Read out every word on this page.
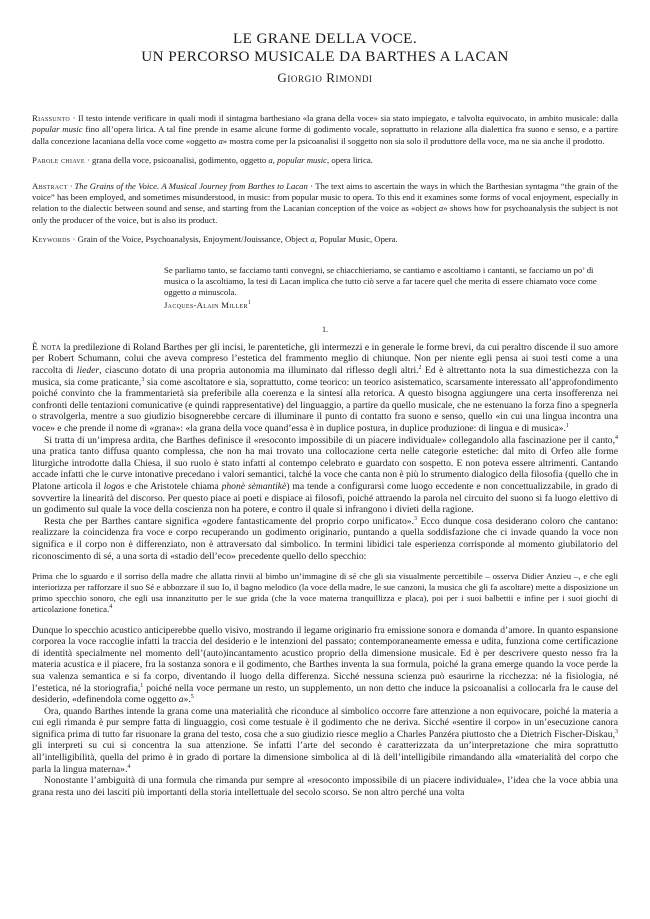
LE GRANE DELLA VOCE.
UN PERCORSO MUSICALE DA BARTHES A LACAN
Giorgio Rimondi

Riassunto · Il testo intende verificare in quali modi il sintagma barthesiano «la grana della voce» sia stato impiegato, e talvolta equivocato, in ambito musicale: dalla popular music fino all’opera lirica. A tal fine prende in esame alcune forme di godimento vocale, soprattutto in relazione alla dialettica fra suono e senso, e a partire dalla concezione lacaniana della voce come «oggetto a» mostra come per la psicoanalisi il soggetto non sia solo il produttore della voce, ma ne sia anche il prodotto.

Parole chiave · grana della voce, psicoanalisi, godimento, oggetto a, popular music, opera lirica.

Abstract · The Grains of the Voice. A Musical Journey from Barthes to Lacan · The text aims to ascertain the ways in which the Barthesian syntagma “the grain of the voice” has been employed, and sometimes misunderstood, in music: from popular music to opera. To this end it examines some forms of vocal enjoyment, especially in relation to the dialectic between sound and sense, and starting from the Lacanian conception of the voice as «object a» shows how for psychoanalysis the subject is not only the producer of the voice, but is also its product.

Keywords · Grain of the Voice, Psychoanalysis, Enjoyment/Jouissance, Object a, Popular Music, Opera.

Se parliamo tanto, se facciamo tanti convegni, se chiacchieriamo, se cantiamo e ascoltiamo i cantanti, se facciamo un po’ di musica o la ascoltiamo, la tesi di Lacan implica che tutto ciò serve a far tacere quel che merita di essere chiamato voce come oggetto a minuscola.

Jacques-Alain Miller$^1$
1.

È nota la predilezione di Roland Barthes per gli incisi, le parentetiche, gli intermezzi e in generale le forme brevi, da cui peraltro discende il suo amore per Robert Schumann, colui che aveva compreso l’estetica del frammento meglio di chiunque. Non per niente egli pensa ai suoi testi come a una raccolta di lieder, ciascuno dotato di una propria autonomia ma illuminato dal riflesso degli altri.$^2$ Ed è altrettanto nota la sua dimestichezza con la musica, sia come praticante,$^3$ sia come ascoltatore e sia, soprattutto, come teorico: un teorico asistematico, scarsamente interessato all’approfondimento poiché convinto che la frammentarietà sia preferibile alla coerenza e la sintesi alla retorica. A questo bisogna aggiungere una certa insofferenza nei confronti delle tentazioni comunicative (e quindi rappresentative) del linguaggio, a partire da quello musicale, che ne estenuano la forza fino a spegnerla o stravolgerla, mentre a suo giudizio bisognerebbe cercare di illuminare il punto di contatto fra suono e senso, quello «in cui una lingua incontra una voce» e che prende il nome di «grana»: «la grana della voce quand’essa è in duplice postura, in duplice produzione: di lingua e di musica».$^1$

Si tratta di un’impresa ardita, che Barthes definisce il «resoconto impossibile di un piacere individuale» collegandolo alla fascinazione per il canto,$^4$ una pratica tanto diffusa quanto complessa, che non ha mai trovato una collocazione certa nelle categorie estetiche: dal mito di Orfeo alle forme liturgiche introdotte dalla Chiesa, il suo ruolo è stato infatti al contempo celebrato e guardato con sospetto. E non poteva essere altrimenti. Cantando accade infatti che le curve intonative precedano i valori semantici, talché la voce che canta non è più lo strumento dialogico della filosofia (quello che in Platone articola il logos e che Aristotele chiama phonè sèmantikè) ma tende a configurarsi come luogo eccedente e non concettualizzabile, in grado di sovvertire la linearità del discorso. Per questo piace ai poeti e dispiace ai filosofi, poiché attraendo la parola nel circuito del suono si fa luogo elettivo di un godimento sul quale la voce della coscienza non ha potere, e contro il quale si infrangono i divieti della ragione.

Resta che per Barthes cantare significa «godere fantasticamente del proprio corpo unificato».$^3$ Ecco dunque cosa desiderano coloro che cantano: realizzare la coincidenza fra voce e corpo recuperando un godimento originario, puntando a quella soddisfazione che ci invade quando la voce non significa e il corpo non è differenziato, non è attraversato dal simbolico. In termini libidici tale esperienza corrisponde al momento giubilatorio del riconoscimento di sé, a una sorta di «stadio dell’eco» precedente quello dello specchio:

Prima che lo sguardo e il sorriso della madre che allatta rinvii al bimbo un’immagine di sé che gli sia visualmente percettibile – osserva Didier Anzieu –, e che egli interiorizza per rafforzare il suo Sé e abbozzare il suo Io, il bagno melodico (la voce della madre, le sue canzoni, la musica che gli fa ascoltare) mette a disposizione un primo specchio sonoro, che egli usa innanzitutto per le sue grida (che la voce materna tranquillizza e placa), poi per i suoi balbettii e infine per i suoi giochi di articolazione fonetica.$^4$

Dunque lo specchio acustico anticiperebbe quello visivo, mostrando il legame originario fra emissione sonora e domanda d’amore. In quanto espansione corporea la voce raccoglie infatti la traccia del desiderio e le intenzioni del passato; contemporaneamente emessa e udita, funziona come certificazione di identità specialmente nel momento dell’(auto)incantamento acustico proprio della dimensione musicale. Ed è per descrivere questo nesso fra la materia acustica e il piacere, fra la sostanza sonora e il godimento, che Barthes inventa la sua formula, poiché la grana emerge quando la voce perde la sua valenza semantica e si fa corpo, diventando il luogo della differenza. Sicché nessuna scienza può esaurirne la ricchezza: né la fisiologia, né l’estetica, né la storiografia,$^1$ poiché nella voce permane un resto, un supplemento, un non detto che induce la psicoanalisi a collocarla fra le cause del desiderio, «definendola come oggetto a».$^5$

Ora, quando Barthes intende la grana come una materialità che riconduce al simbolico occorre fare attenzione a non equivocare, poiché la materia a cui egli rimanda è pur sempre fatta di linguaggio, così come testuale è il godimento che ne deriva. Sicché «sentire il corpo» in un’esecuzione canora significa prima di tutto far risuonare la grana del testo, cosa che a suo giudizio riesce meglio a Charles Panzéra piuttosto che a Dietrich Fischer-Diskau,$^3$ gli interpreti su cui si concentra la sua attenzione. Se infatti l’arte del secondo è caratterizzata da un’interpretazione che mira soprattutto all’intelligibilità, quella del primo è in grado di portare la dimensione simbolica al di là dell’intelligibile rimandando alla «materialità del corpo che parla la lingua materna».$^4$

Nonostante l’ambiguità di una formula che rimanda pur sempre al «resoconto impossibile di un piacere individuale», l’idea che la voce abbia una grana resta uno dei lasciti più importanti della storia intellettuale del secolo scorso. Se non altro perché una volta
